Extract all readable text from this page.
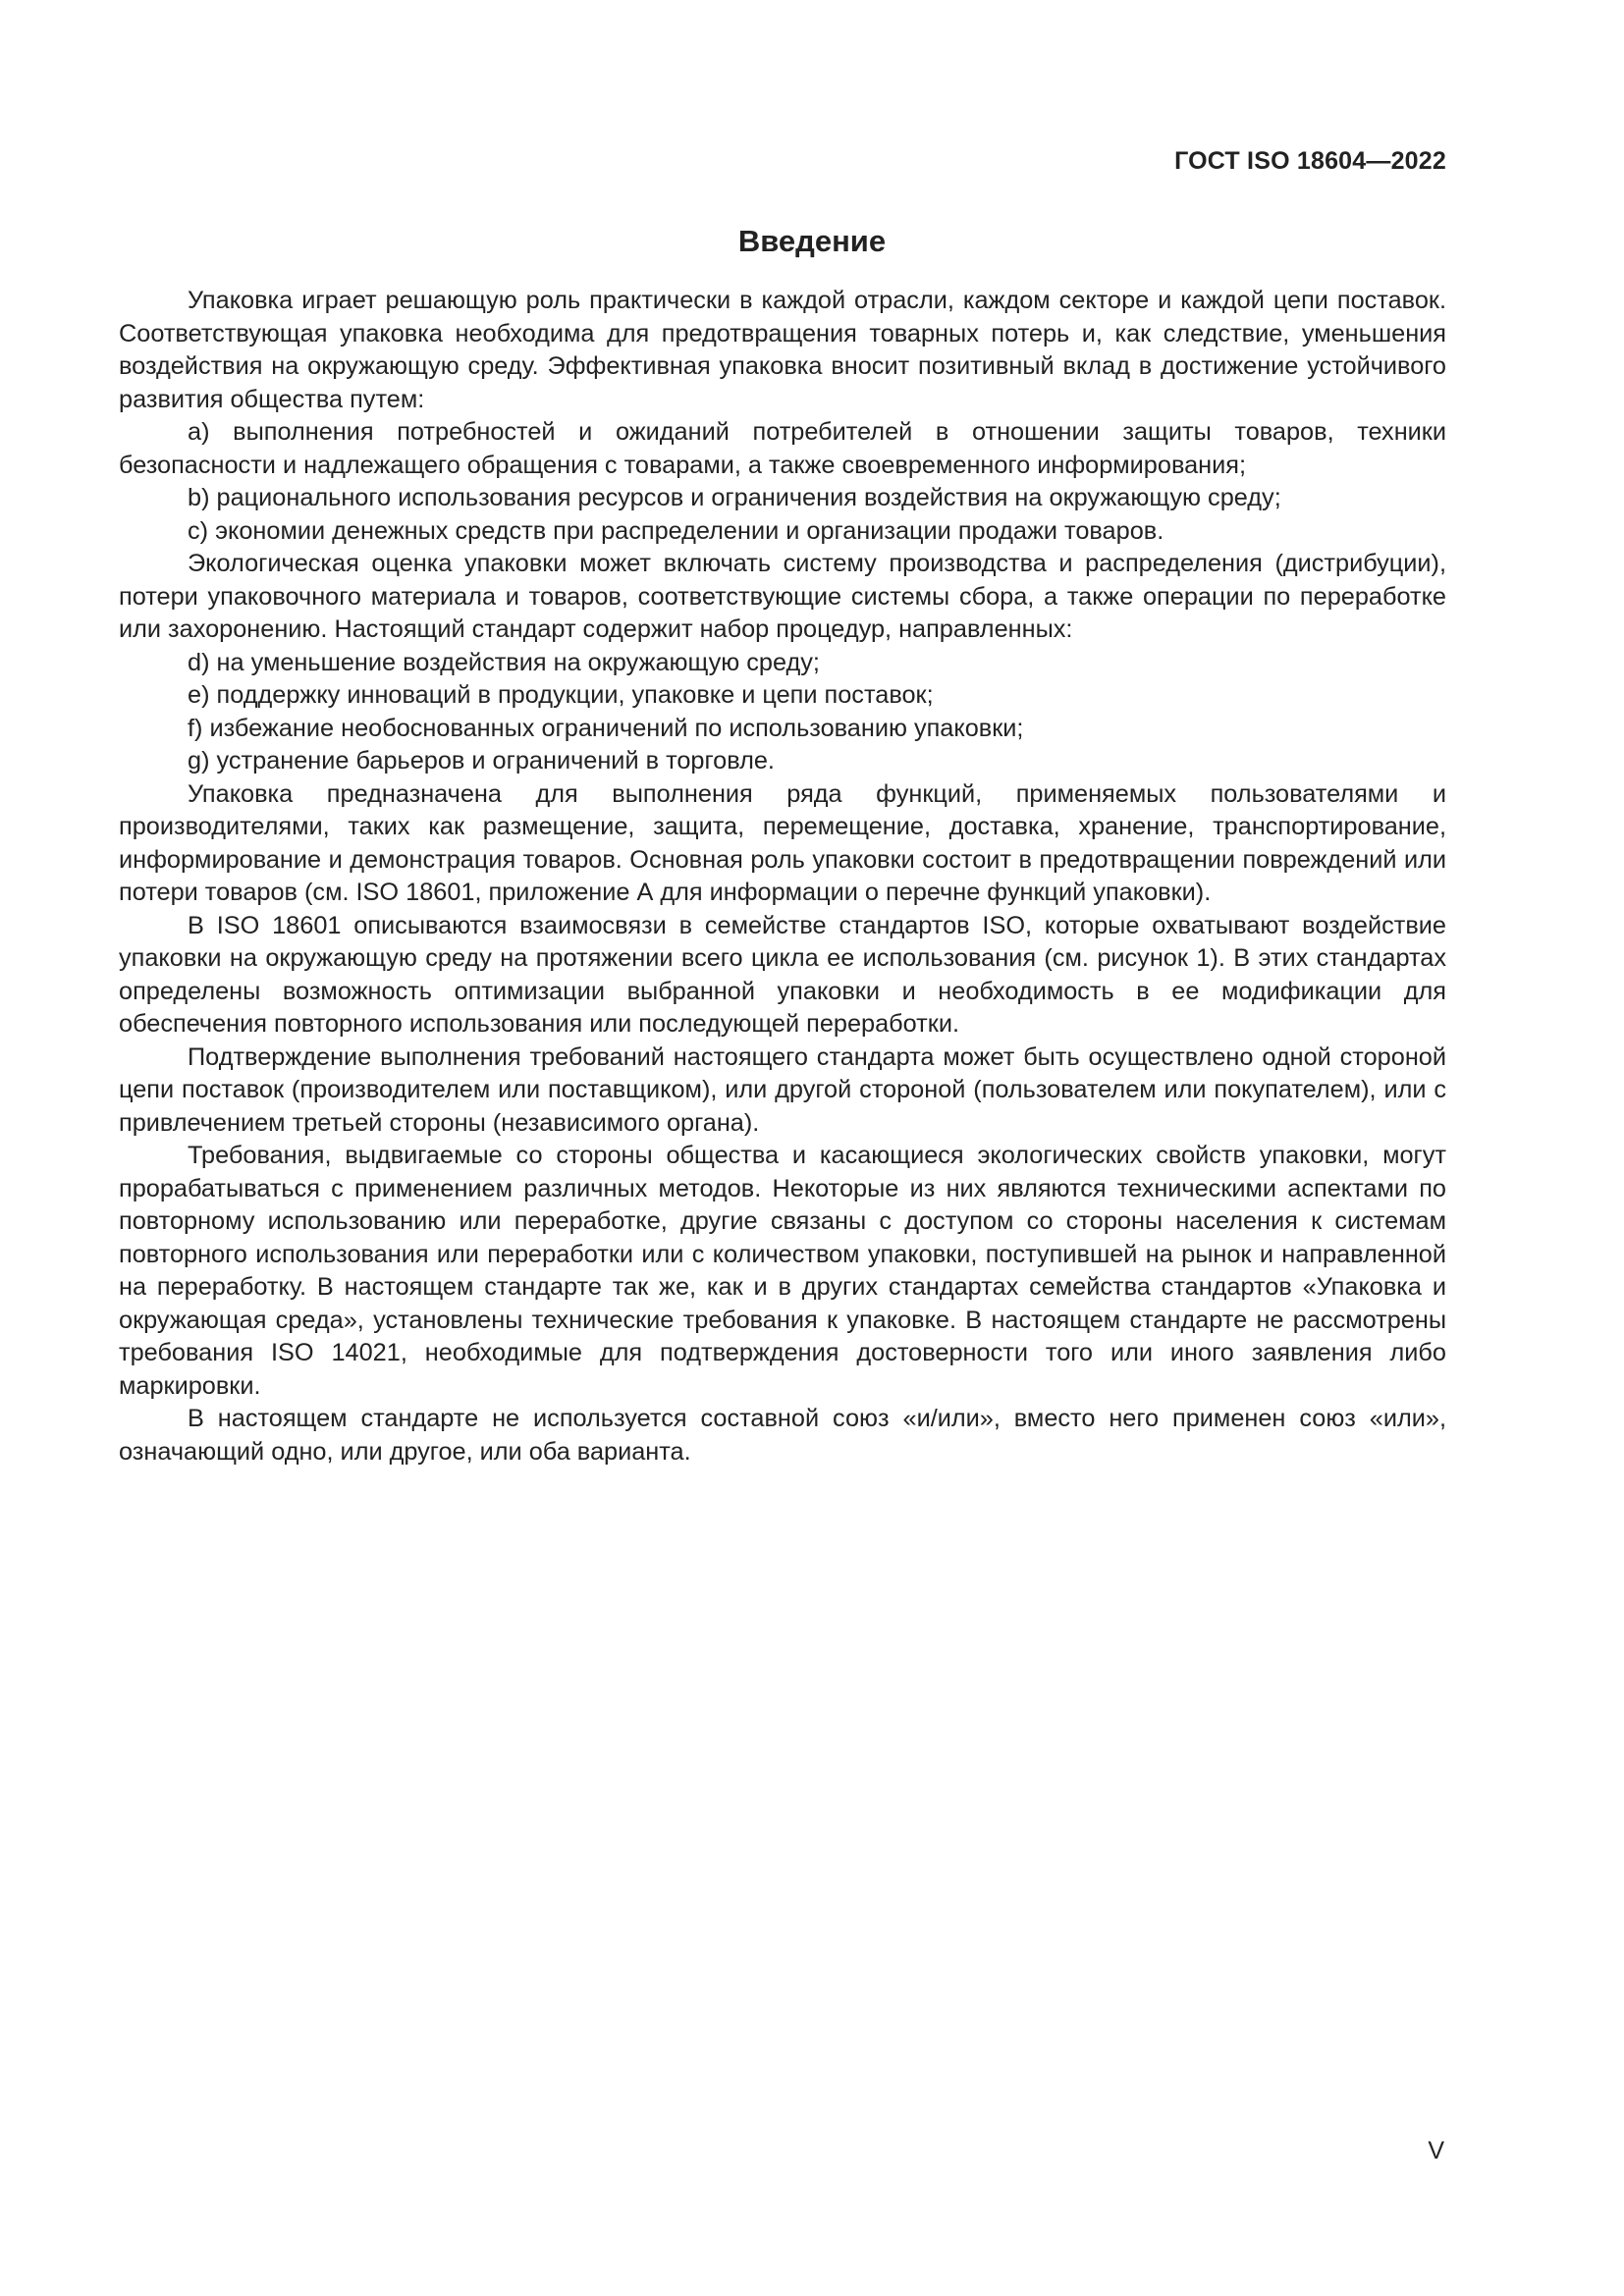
ГОСТ ISO 18604—2022
Введение

Упаковка играет решающую роль практически в каждой отрасли, каждом секторе и каждой цепи поставок. Соответствующая упаковка необходима для предотвращения товарных потерь и, как следствие, уменьшения воздействия на окружающую среду. Эффективная упаковка вносит позитивный вклад в достижение устойчивого развития общества путем:

a) выполнения потребностей и ожиданий потребителей в отношении защиты товаров, техники безопасности и надлежащего обращения с товарами, а также своевременного информирования;

b) рационального использования ресурсов и ограничения воздействия на окружающую среду;

c) экономии денежных средств при распределении и организации продажи товаров.

Экологическая оценка упаковки может включать систему производства и распределения (дистрибуции), потери упаковочного материала и товаров, соответствующие системы сбора, а также операции по переработке или захоронению. Настоящий стандарт содержит набор процедур, направленных:

d) на уменьшение воздействия на окружающую среду;

e) поддержку инноваций в продукции, упаковке и цепи поставок;

f) избежание необоснованных ограничений по использованию упаковки;

g) устранение барьеров и ограничений в торговле.

Упаковка предназначена для выполнения ряда функций, применяемых пользователями и производителями, таких как размещение, защита, перемещение, доставка, хранение, транспортирование, информирование и демонстрация товаров. Основная роль упаковки состоит в предотвращении повреждений или потери товаров (см. ISO 18601, приложение А для информации о перечне функций упаковки).

В ISO 18601 описываются взаимосвязи в семействе стандартов ISO, которые охватывают воздействие упаковки на окружающую среду на протяжении всего цикла ее использования (см. рисунок 1). В этих стандартах определены возможность оптимизации выбранной упаковки и необходимость в ее модификации для обеспечения повторного использования или последующей переработки.

Подтверждение выполнения требований настоящего стандарта может быть осуществлено одной стороной цепи поставок (производителем или поставщиком), или другой стороной (пользователем или покупателем), или с привлечением третьей стороны (независимого органа).

Требования, выдвигаемые со стороны общества и касающиеся экологических свойств упаковки, могут прорабатываться с применением различных методов. Некоторые из них являются техническими аспектами по повторному использованию или переработке, другие связаны с доступом со стороны населения к системам повторного использования или переработки или с количеством упаковки, поступившей на рынок и направленной на переработку. В настоящем стандарте так же, как и в других стандартах семейства стандартов «Упаковка и окружающая среда», установлены технические требования к упаковке. В настоящем стандарте не рассмотрены требования ISO 14021, необходимые для подтверждения достоверности того или иного заявления либо маркировки.

В настоящем стандарте не используется составной союз «и/или», вместо него применен союз «или», означающий одно, или другое, или оба варианта.

V
